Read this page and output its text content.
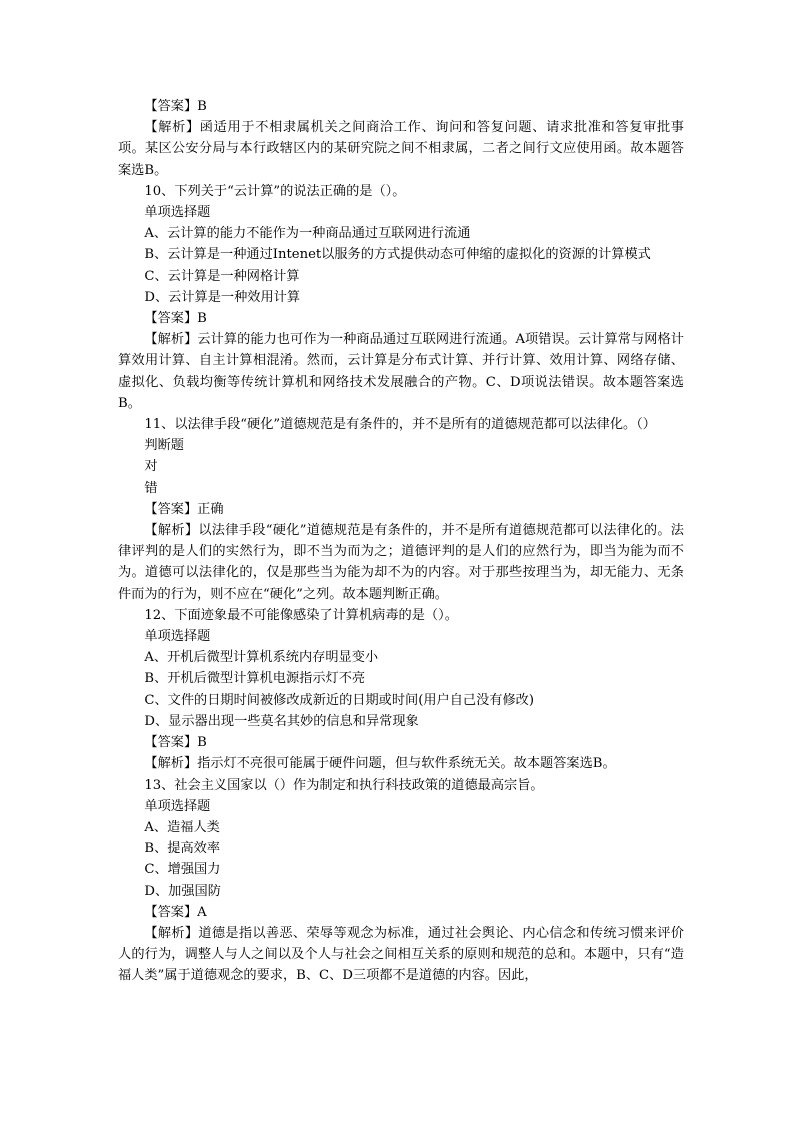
【答案】B

【解析】函适用于不相隶属机关之间商洽工作、询问和答复问题、请求批准和答复审批事项。某区公安分局与本行政辖区内的某研究院之间不相隶属，二者之间行文应使用函。故本题答案选B。

10、下列关于“云计算”的说法正确的是（）。

单项选择题

A、云计算的能力不能作为一种商品通过互联网进行流通

B、云计算是一种通过Intenet以服务的方式提供动态可伸缩的虚拟化的资源的计算模式

C、云计算是一种网格计算

D、云计算是一种效用计算

【答案】B

【解析】云计算的能力也可作为一种商品通过互联网进行流通。A项错误。云计算常与网格计算效用计算、自主计算相混淆。然而，云计算是分布式计算、并行计算、效用计算、网络存储、虚拟化、负载均衡等传统计算机和网络技术发展融合的产物。C、D项说法错误。故本题答案选B。

11、以法律手段“硬化”道德规范是有条件的，并不是所有的道德规范都可以法律化。（）

判断题

对

错

【答案】正确

【解析】以法律手段“硬化”道德规范是有条件的，并不是所有道德规范都可以法律化的。法律评判的是人们的实然行为，即不当为而为之；道德评判的是人们的应然行为，即当为能为而不为。道德可以法律化的，仅是那些当为能为却不为的内容。对于那些按理当为，却无能力、无条件而为的行为，则不应在“硬化”之列。故本题判断正确。

12、下面迹象最不可能像感染了计算机病毒的是（）。

单项选择题

A、开机后微型计算机系统内存明显变小

B、开机后微型计算机电源指示灯不亮

C、文件的日期时间被修改成新近的日期或时间(用户自己没有修改)

D、显示器出现一些莫名其妙的信息和异常现象

【答案】B

【解析】指示灯不亮很可能属于硬件问题，但与软件系统无关。故本题答案选B。

13、社会主义国家以（）作为制定和执行科技政策的道德最高宗旨。

单项选择题

A、造福人类

B、提高效率

C、增强国力

D、加强国防

【答案】A

【解析】道德是指以善恶、荣辱等观念为标准，通过社会舆论、内心信念和传统习惯来评价人的行为，调整人与人之间以及个人与社会之间相互关系的原则和规范的总和。本题中，只有“造福人类”属于道德观念的要求，B、C、D三项都不是道德的内容。因此，
